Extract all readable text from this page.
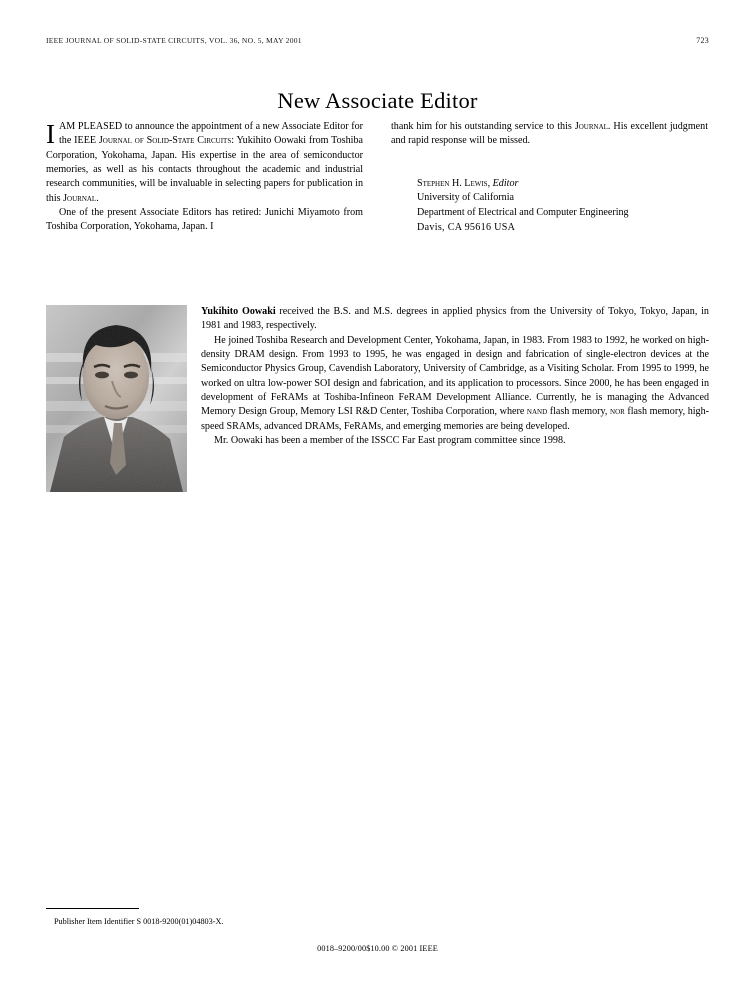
IEEE JOURNAL OF SOLID-STATE CIRCUITS, VOL. 36, NO. 5, MAY 2001	723
New Associate Editor

IAM PLEASED to announce the appointment of a new Associate Editor for the IEEE Journal of Solid-State Circuits: Yukihito Oowaki from Toshiba Corporation, Yokohama, Japan. His expertise in the area of semiconductor memories, as well as his contacts throughout the academic and industrial research communities, will be invaluable in selecting papers for publication in this Journal.

One of the present Associate Editors has retired: Junichi Miyamoto from Toshiba Corporation, Yokohama, Japan. I

thank him for his outstanding service to this Journal. His excellent judgment and rapid response will be missed.

Stephen H. Lewis, Editor
University of California
Department of Electrical and Computer Engineering
Davis, CA 95616 USA

Yukihito Oowaki received the B.S. and M.S. degrees in applied physics from the University of Tokyo, Tokyo, Japan, in 1981 and 1983, respectively.

He joined Toshiba Research and Development Center, Yokohama, Japan, in 1983. From 1983 to 1992, he worked on high-density DRAM design. From 1993 to 1995, he was engaged in design and fabrication of single-electron devices at the Semiconductor Physics Group, Cavendish Laboratory, University of Cambridge, as a Visiting Scholar. From 1995 to 1999, he worked on ultra low-power SOI design and fabrication, and its application to processors. Since 2000, he has been engaged in development of FeRAMs at Toshiba-Infineon FeRAM Development Alliance. Currently, he is managing the Advanced Memory Design Group, Memory LSI R&D Center, Toshiba Corporation, where nand flash memory, nor flash memory, high-speed SRAMs, advanced DRAMs, FeRAMs, and emerging memories are being developed.

Mr. Oowaki has been a member of the ISSCC Far East program committee since 1998.

Publisher Item Identifier S 0018-9200(01)04803-X.
0018–9200/00$10.00 © 2001 IEEE
